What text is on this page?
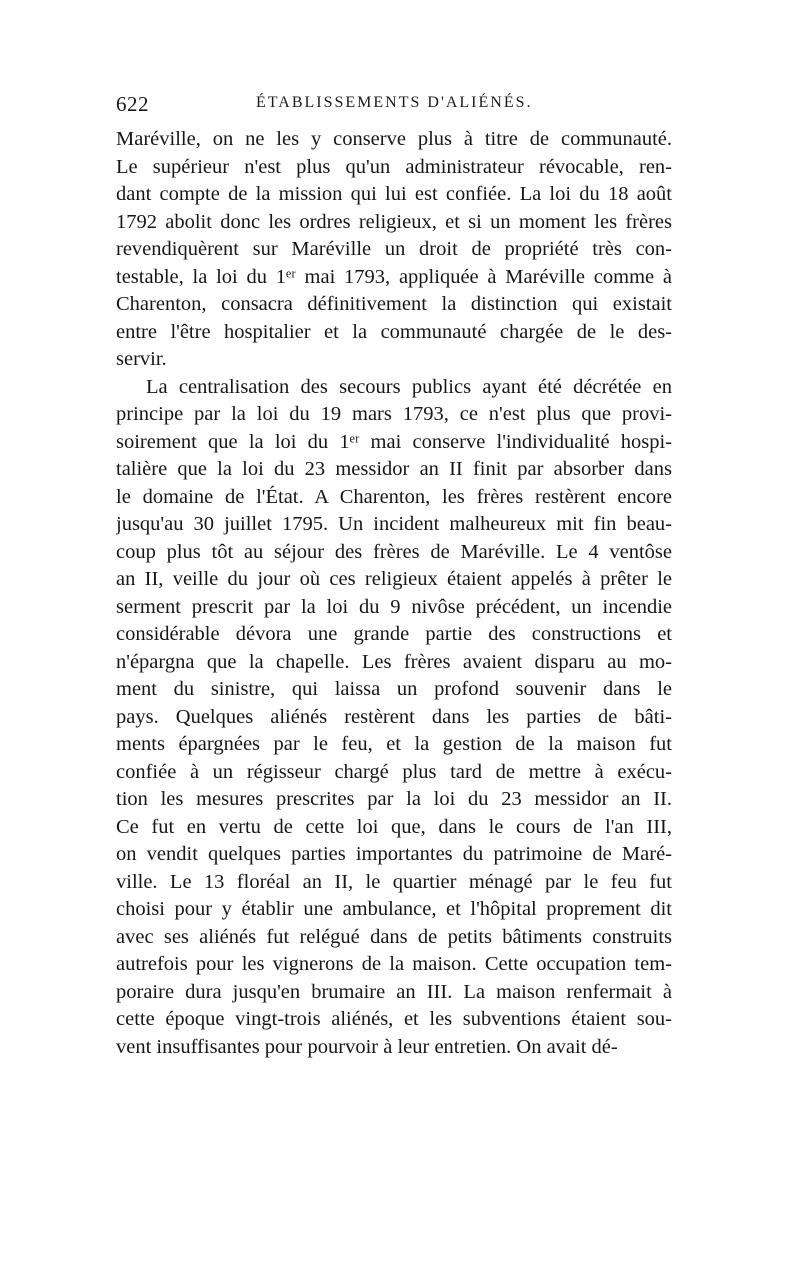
622	ÉTABLISSEMENTS D'ALIÉNÉS.
Maréville, on ne les y conserve plus à titre de communauté.
Le supérieur n'est plus qu'un administrateur révocable, ren-
dant compte de la mission qui lui est confiée. La loi du 18 août
1792 abolit donc les ordres religieux, et si un moment les frères
revendiquèrent sur Maréville un droit de propriété très con-
testable, la loi du 1ᵉʳ mai 1793, appliquée à Maréville comme à
Charenton, consacra définitivement la distinction qui existait
entre l'être hospitalier et la communauté chargée de le des-
servir.
La centralisation des secours publics ayant été décrétée en
principe par la loi du 19 mars 1793, ce n'est plus que provi-
soirement que la loi du 1ᵉʳ mai conserve l'individualité hospi-
talière que la loi du 23 messidor an II finit par absorber dans
le domaine de l'État. A Charenton, les frères restèrent encore
jusqu'au 30 juillet 1795. Un incident malheureux mit fin beau-
coup plus tôt au séjour des frères de Maréville. Le 4 ventôse
an II, veille du jour où ces religieux étaient appelés à prêter le
serment prescrit par la loi du 9 nivôse précédent, un incendie
considérable dévora une grande partie des constructions et
n'épargna que la chapelle. Les frères avaient disparu au mo-
ment du sinistre, qui laissa un profond souvenir dans le
pays. Quelques aliénés restèrent dans les parties de bâti-
ments épargnées par le feu, et la gestion de la maison fut
confiée à un régisseur chargé plus tard de mettre à exécu-
tion les mesures prescrites par la loi du 23 messidor an II.
Ce fut en vertu de cette loi que, dans le cours de l'an III,
on vendit quelques parties importantes du patrimoine de Maré-
ville. Le 13 floréal an II, le quartier ménagé par le feu fut
choisi pour y établir une ambulance, et l'hôpital proprement dit
avec ses aliénés fut relégué dans de petits bâtiments construits
autrefois pour les vignerons de la maison. Cette occupation tem-
poraire dura jusqu'en brumaire an III. La maison renfermait à
cette époque vingt-trois aliénés, et les subventions étaient sou-
vent insuffisantes pour pourvoir à leur entretien. On avait dé-
